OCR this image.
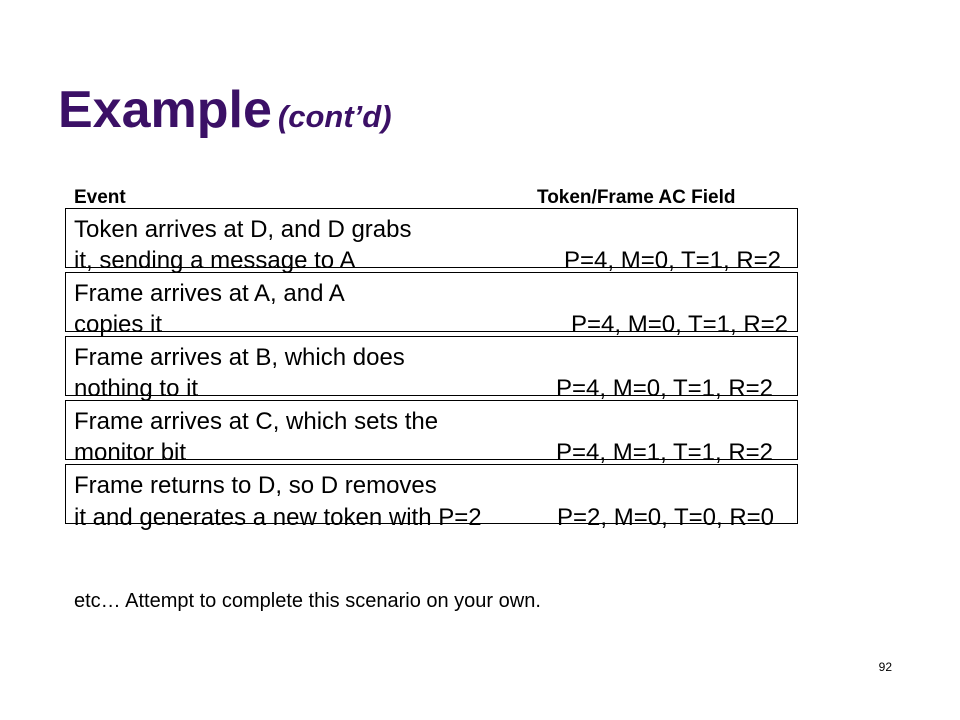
Example (cont’d)
Event	Token/Frame AC Field
Token arrives at D, and D grabs
it, sending a message to A	P=4, M=0, T=1, R=2
Frame arrives at A, and A
copies it	P=4, M=0, T=1, R=2
Frame arrives at B, which does
nothing to it	P=4, M=0, T=1, R=2
Frame arrives at C, which sets the
monitor bit	P=4, M=1, T=1, R=2
Frame returns to D, so D removes
it and generates a new token with P=2	P=2, M=0, T=0, R=0
etc… Attempt to complete this scenario on your own.
92
